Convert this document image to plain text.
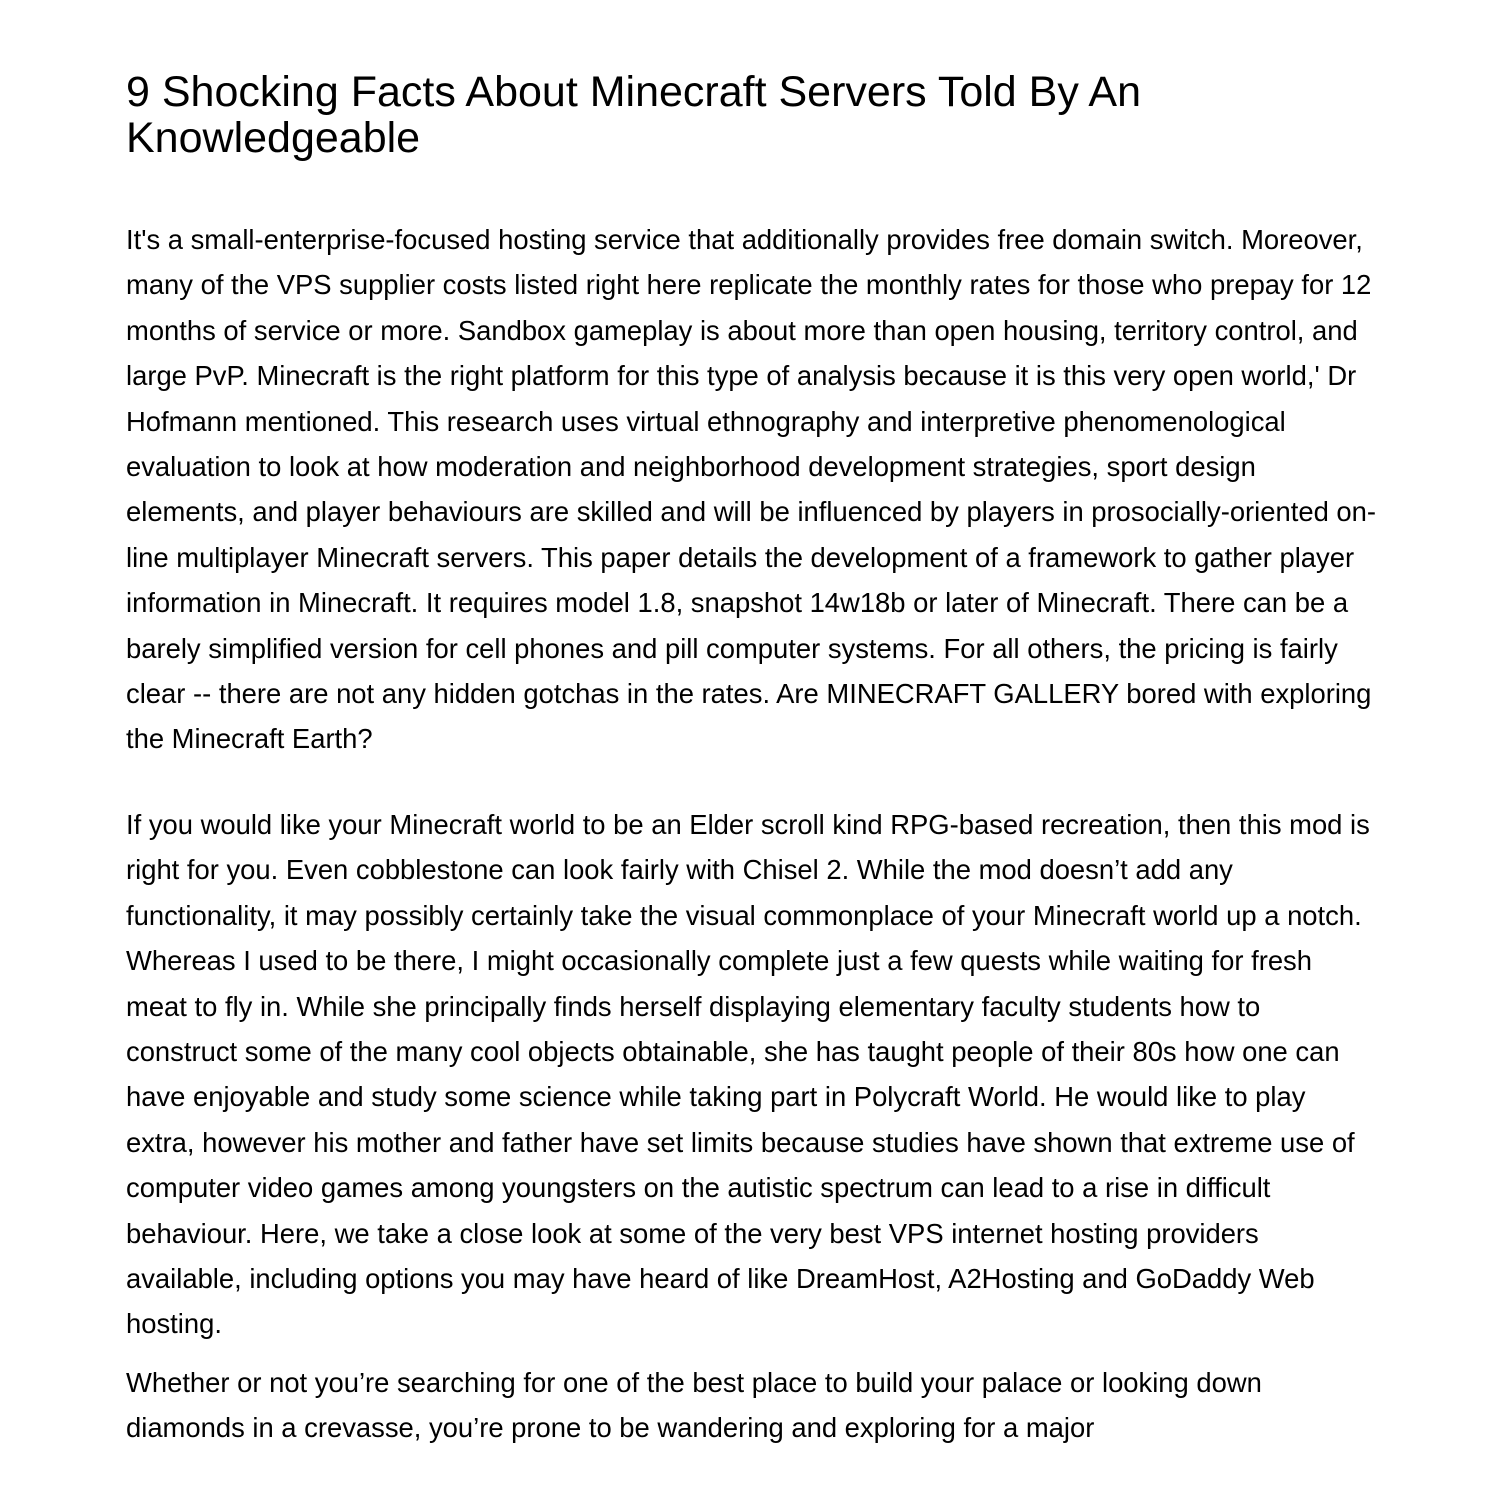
9 Shocking Facts About Minecraft Servers Told By An Knowledgeable

It's a small-enterprise-focused hosting service that additionally provides free domain switch. Moreover, many of the VPS supplier costs listed right here replicate the monthly rates for those who prepay for 12 months of service or more. Sandbox gameplay is about more than open housing, territory control, and large PvP. Minecraft is the right platform for this type of analysis because it is this very open world,' Dr Hofmann mentioned. This research uses virtual ethnography and interpretive phenomenological evaluation to look at how moderation and neighborhood development strategies, sport design elements, and player behaviours are skilled and will be influenced by players in prosocially-oriented on-line multiplayer Minecraft servers. This paper details the development of a framework to gather player information in Minecraft. It requires model 1.8, snapshot 14w18b or later of Minecraft. There can be a barely simplified version for cell phones and pill computer systems. For all others, the pricing is fairly clear -- there are not any hidden gotchas in the rates. Are MINECRAFT GALLERY bored with exploring the Minecraft Earth?

If you would like your Minecraft world to be an Elder scroll kind RPG-based recreation, then this mod is right for you. Even cobblestone can look fairly with Chisel 2. While the mod doesn’t add any functionality, it may possibly certainly take the visual commonplace of your Minecraft world up a notch. Whereas I used to be there, I might occasionally complete just a few quests while waiting for fresh meat to fly in. While she principally finds herself displaying elementary faculty students how to construct some of the many cool objects obtainable, she has taught people of their 80s how one can have enjoyable and study some science while taking part in Polycraft World. He would like to play extra, however his mother and father have set limits because studies have shown that extreme use of computer video games among youngsters on the autistic spectrum can lead to a rise in difficult behaviour. Here, we take a close look at some of the very best VPS internet hosting providers available, including options you may have heard of like DreamHost, A2Hosting and GoDaddy Web hosting.

Whether or not you’re searching for one of the best place to build your palace or looking down diamonds in a crevasse, you’re prone to be wandering and exploring for a major
